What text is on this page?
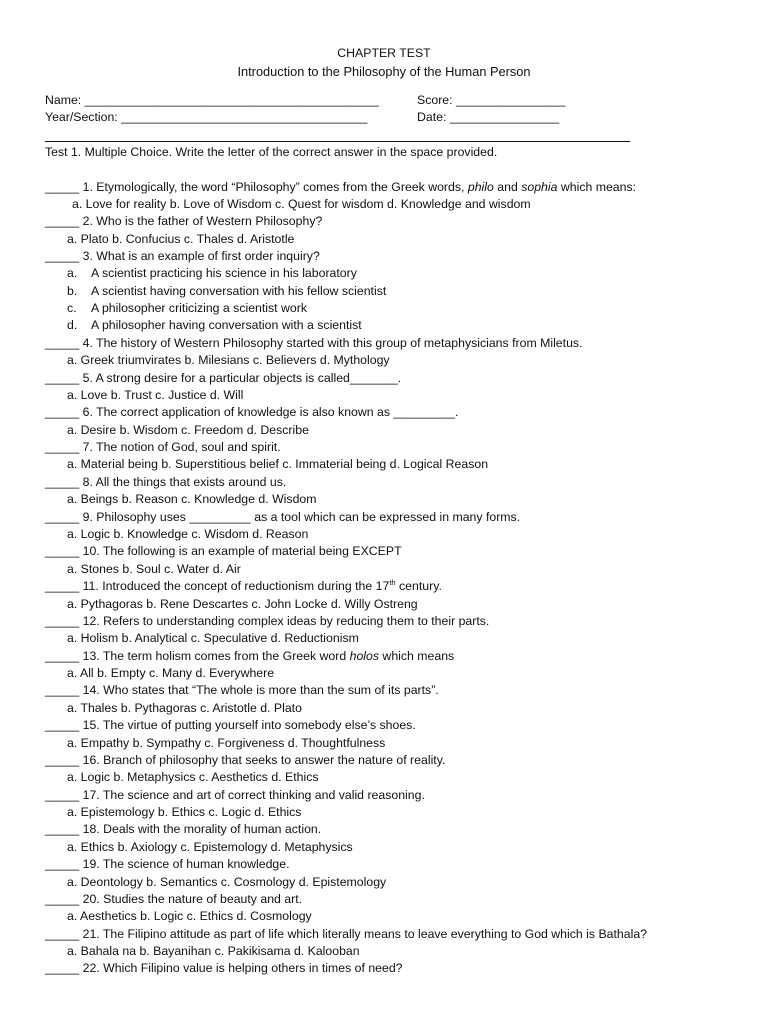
CHAPTER TEST
Introduction to the Philosophy of the Human Person
Name: ___________________________________________	Score: ________________
Year/Section: ____________________________________	Date: ________________
Test 1. Multiple Choice. Write the letter of the correct answer in the space provided.
_____ 1. Etymologically, the word “Philosophy” comes from the Greek words, philo and sophia which means:
a. Love for reality b. Love of Wisdom c. Quest for wisdom d. Knowledge and wisdom
_____ 2. Who is the father of Western Philosophy?
a. Plato b. Confucius c. Thales d. Aristotle
_____ 3. What is an example of first order inquiry?
a. A scientist practicing his science in his laboratory
b. A scientist having conversation with his fellow scientist
c. A philosopher criticizing a scientist work
d. A philosopher having conversation with a scientist
_____ 4. The history of Western Philosophy started with this group of metaphysicians from Miletus.
a. Greek triumvirates b. Milesians c. Believers d. Mythology
_____ 5. A strong desire for a particular objects is called_______.
a. Love b. Trust c. Justice d. Will
_____ 6. The correct application of knowledge is also known as _________.
a. Desire b. Wisdom c. Freedom d. Describe
_____ 7. The notion of God, soul and spirit.
a. Material being b. Superstitious belief c. Immaterial being d. Logical Reason
_____ 8. All the things that exists around us.
a. Beings b. Reason c. Knowledge d. Wisdom
_____ 9. Philosophy uses _________ as a tool which can be expressed in many forms.
a. Logic b. Knowledge c. Wisdom d. Reason
_____ 10. The following is an example of material being EXCEPT
a. Stones b. Soul c. Water d. Air
_____ 11. Introduced the concept of reductionism during the 17th century.
a. Pythagoras b. Rene Descartes c. John Locke d. Willy Ostreng
_____ 12. Refers to understanding complex ideas by reducing them to their parts.
a. Holism b. Analytical c. Speculative d. Reductionism
_____ 13. The term holism comes from the Greek word holos which means
a. All b. Empty c. Many d. Everywhere
_____ 14. Who states that “The whole is more than the sum of its parts”.
a. Thales b. Pythagoras c. Aristotle d. Plato
_____ 15. The virtue of putting yourself into somebody else’s shoes.
a. Empathy b. Sympathy c. Forgiveness d. Thoughtfulness
_____ 16. Branch of philosophy that seeks to answer the nature of reality.
a. Logic b. Metaphysics c. Aesthetics d. Ethics
_____ 17. The science and art of correct thinking and valid reasoning.
a. Epistemology b. Ethics c. Logic d. Ethics
_____ 18. Deals with the morality of human action.
a. Ethics b. Axiology c. Epistemology d. Metaphysics
_____ 19. The science of human knowledge.
a. Deontology b. Semantics c. Cosmology d. Epistemology
_____ 20. Studies the nature of beauty and art.
a. Aesthetics b. Logic c. Ethics d. Cosmology
_____ 21. The Filipino attitude as part of life which literally means to leave everything to God which is Bathala?
a. Bahala na b. Bayanihan c. Pakikisama d. Kalooban
_____ 22. Which Filipino value is helping others in times of need?
